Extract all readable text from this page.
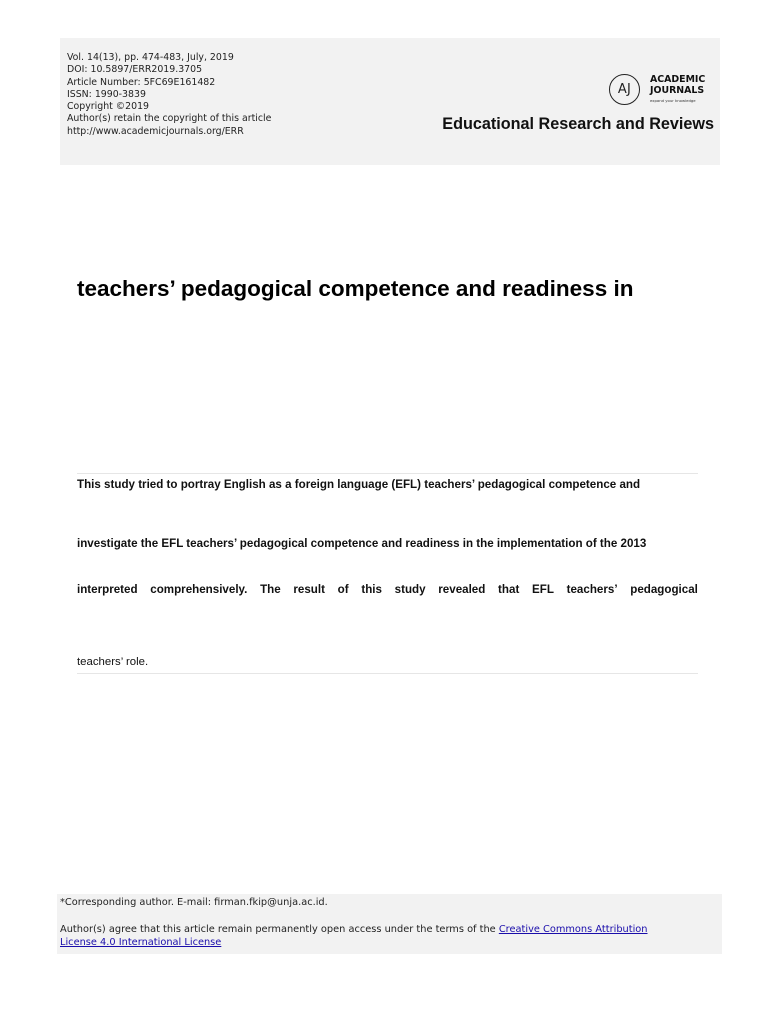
Vol. 14(13), pp. 474-483, July, 2019
DOI: 10.5897/ERR2019.3705
Article Number: 5FC69E161482
ISSN: 1990-3839
Copyright ©2019
Author(s) retain the copyright of this article
http://www.academicjournals.org/ERR
AJ
ACADEMIC
JOURNALS
expand your knowledge
Educational Research and Reviews
teachers’ pedagogical competence and readiness in
This study tried to portray English as a foreign language (EFL) teachers’ pedagogical competence and
investigate the EFL teachers’ pedagogical competence and readiness in the implementation of the 2013
interpreted comprehensively. The result of this study revealed that EFL teachers’ pedagogical
teachers’ role.
*Corresponding author. E-mail: firman.fkip@unja.ac.id.
Author(s) agree that this article remain permanently open access under the terms of the Creative Commons Attribution
License 4.0 International License
